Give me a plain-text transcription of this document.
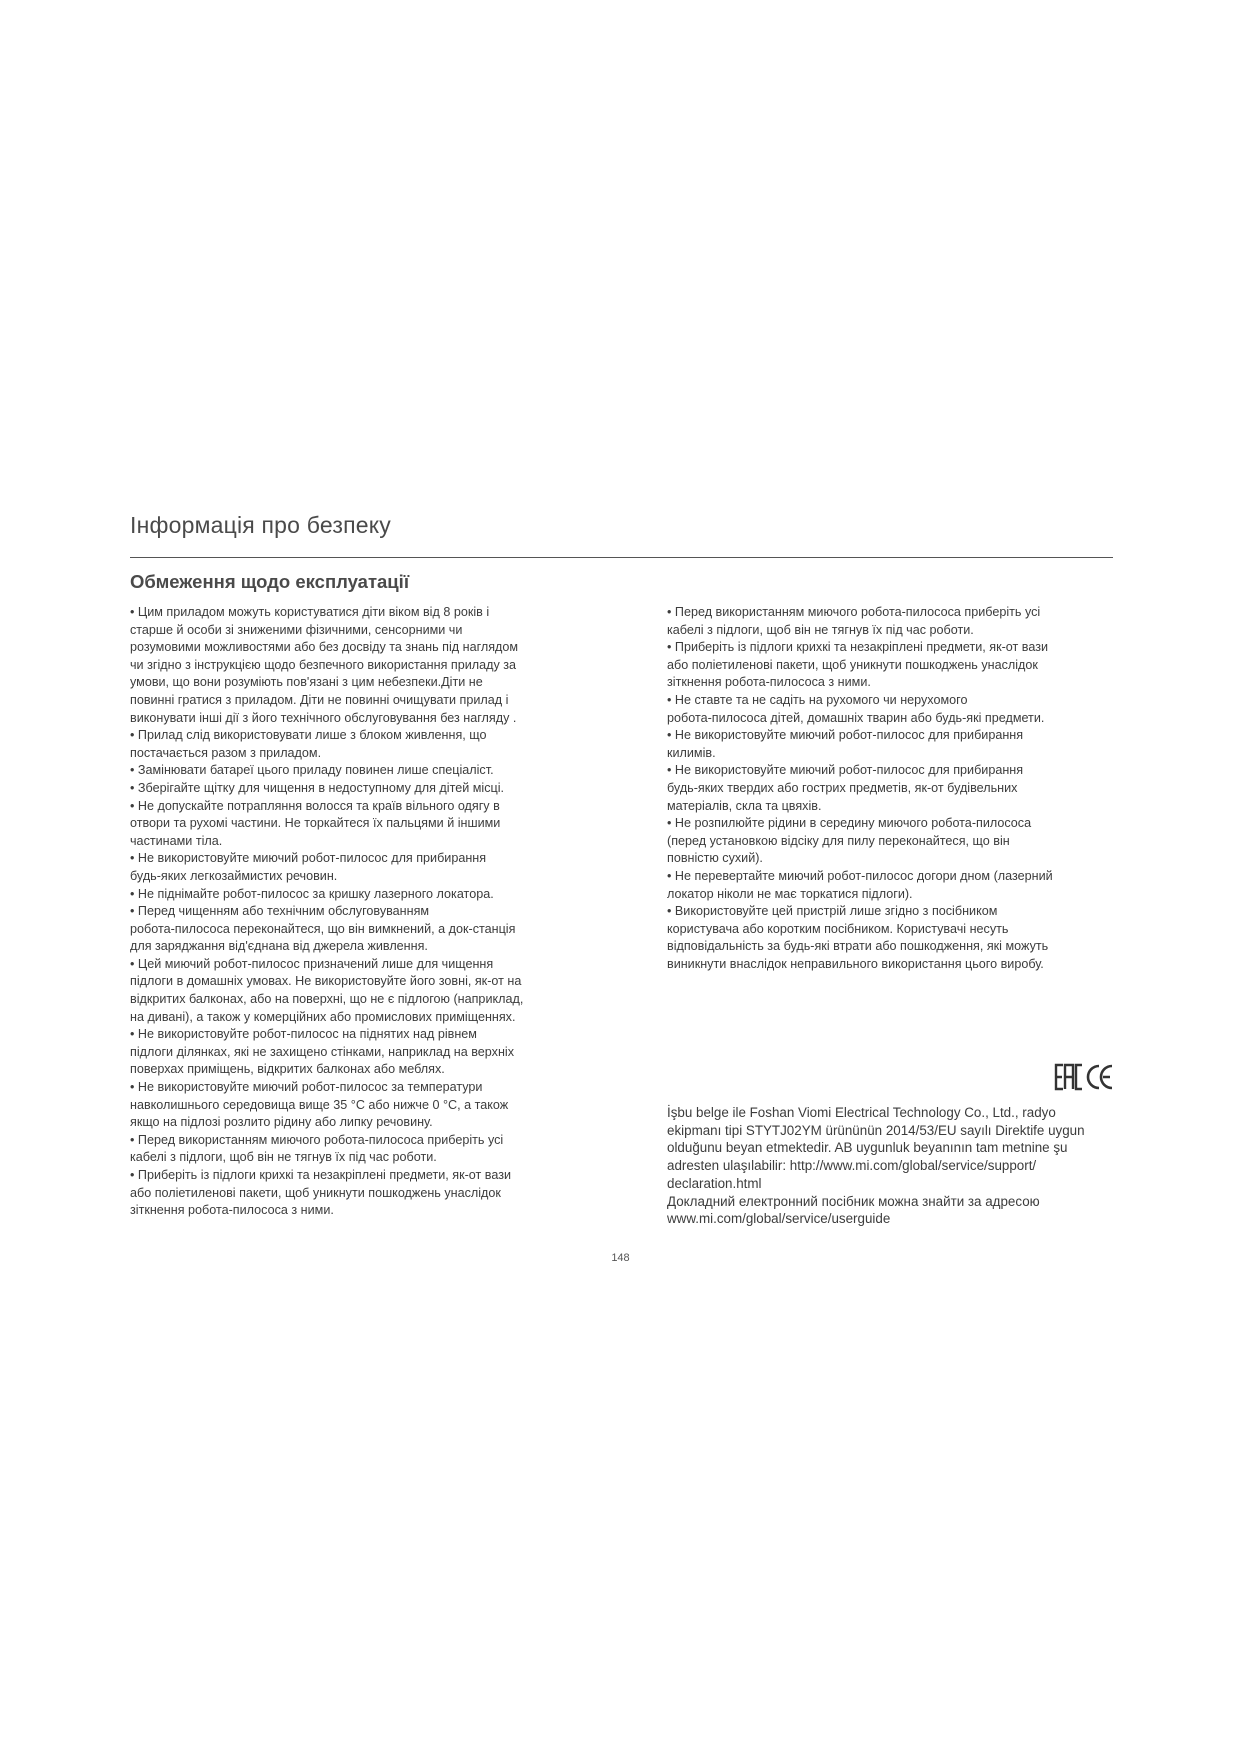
Інформація про безпеку
Обмеження щодо експлуатації
• Цим приладом можуть користуватися діти віком від 8 років і
старше й особи зі зниженими фізичними, сенсорними чи
розумовими можливостями або без досвіду та знань під наглядом
чи згідно з інструкцією щодо безпечного використання приладу за
умови, що вони розуміють пов'язані з цим небезпеки.Діти не
повинні гратися з приладом. Діти не повинні очищувати прилад і
виконувати інші дії з його технічного обслуговування без нагляду .
• Прилад слід використовувати лише з блоком живлення, що
постачається разом з приладом.
• Замінювати батареї цього приладу повинен лише спеціаліст.
• Зберігайте щітку для чищення в недоступному для дітей місці.
• Не допускайте потрапляння волосся та країв вільного одягу в
отвори та рухомі частини. Не торкайтеся їх пальцями й іншими
частинами тіла.
• Не використовуйте миючий робот-пилосос для прибирання
будь-яких легкозаймистих речовин.
• Не піднімайте робот-пилосос за кришку лазерного локатора.
• Перед чищенням або технічним обслуговуванням
робота-пилососа переконайтеся, що він вимкнений, а док-станція
для заряджання від'єднана від джерела живлення.
• Цей миючий робот-пилосос призначений лише для чищення
підлоги в домашніх умовах. Не використовуйте його зовні, як-от на
відкритих балконах, або на поверхні, що не є підлогою (наприклад,
на дивані), а також у комерційних або промислових приміщеннях.
• Не використовуйте робот-пилосос на піднятих над рівнем
підлоги ділянках, які не захищено стінками, наприклад на верхніх
поверхах приміщень, відкритих балконах або меблях.
• Не використовуйте миючий робот-пилосос за температури
навколишнього середовища вище 35 °C або нижче 0 °C, а також
якщо на підлозі розлито рідину або липку речовину.
• Перед використанням миючого робота-пилососа приберіть усі
кабелі з підлоги, щоб він не тягнув їх під час роботи.
• Приберіть із підлоги крихкі та незакріплені предмети, як-от вази
або поліетиленові пакети, щоб уникнути пошкоджень унаслідок
зіткнення робота-пилососа з ними.
• Перед використанням миючого робота-пилососа приберіть усі
кабелі з підлоги, щоб він не тягнув їх під час роботи.
• Приберіть із підлоги крихкі та незакріплені предмети, як-от вази
або поліетиленові пакети, щоб уникнути пошкоджень унаслідок
зіткнення робота-пилососа з ними.
• Не ставте та не садіть на рухомого чи нерухомого
робота-пилососа дітей, домашніх тварин або будь-які предмети.
• Не використовуйте миючий робот-пилосос для прибирання
килимів.
• Не використовуйте миючий робот-пилосос для прибирання
будь-яких твердих або гострих предметів, як-от будівельних
матеріалів, скла та цвяхів.
• Не розпилюйте рідини в середину миючого робота-пилососа
(перед установкою відсіку для пилу переконайтеся, що він
повністю сухий).
• Не перевертайте миючий робот-пилосос догори дном (лазерний
локатор ніколи не має торкатися підлоги).
• Використовуйте цей пристрій лише згідно з посібником
користувача або коротким посібником. Користувачі несуть
відповідальність за будь-які втрати або пошкодження, які можуть
виникнути внаслідок неправильного використання цього виробу.
İşbu belge ile Foshan Viomi Electrical Technology Co., Ltd., radyo
ekipmanı tipi STYTJ02YM ürününün 2014/53/EU sayılı Direktife uygun
olduğunu beyan etmektedir. AB uygunluk beyanının tam metnine şu
adresten ulaşılabilir: http://www.mi.com/global/service/support/
declaration.html
Докладний електронний посібник можна знайти за адресою
www.mi.com/global/service/userguide
148
